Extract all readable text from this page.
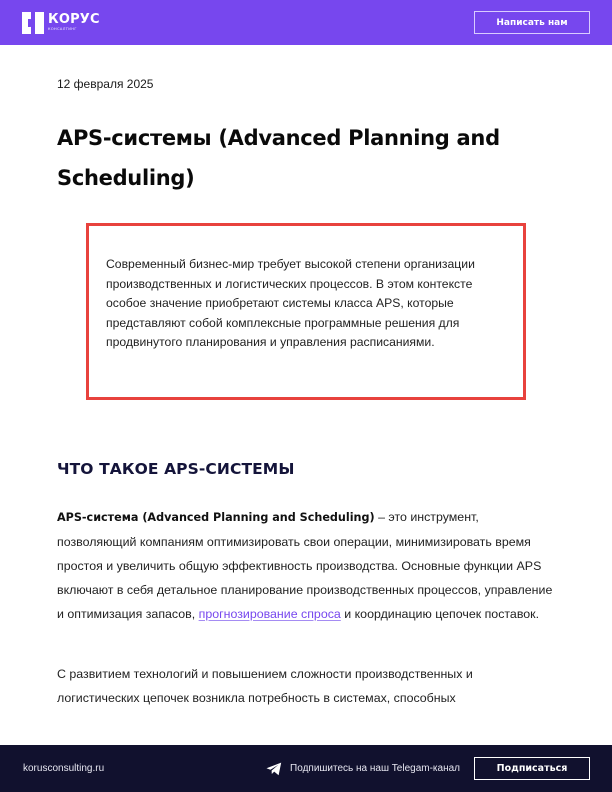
КОРУС
КОНСАЛТИНГ
Написать нам
12 февраля 2025
APS-системы (Advanced Planning and Scheduling)

Современный бизнес-мир требует высокой степени организации производственных и логистических процессов. В этом контексте особое значение приобретают системы класса APS, которые представляют собой комплексные программные решения для продвинутого планирования и управления расписаниями.

ЧТО ТАКОЕ APS-СИСТЕМЫ

APS-система (Advanced Planning and Scheduling) – это инструмент, позволяющий компаниям оптимизировать свои операции, минимизировать время простоя и увеличить общую эффективность производства. Основные функции APS включают в себя детальное планирование производственных процессов, управление и оптимизация запасов, прогнозирование спроса и координацию цепочек поставок.

С развитием технологий и повышением сложности производственных и логистических цепочек возникла потребность в системах, способных

korusconsulting.ru	Подпишитесь на наш Telegam-канал	Подписаться
